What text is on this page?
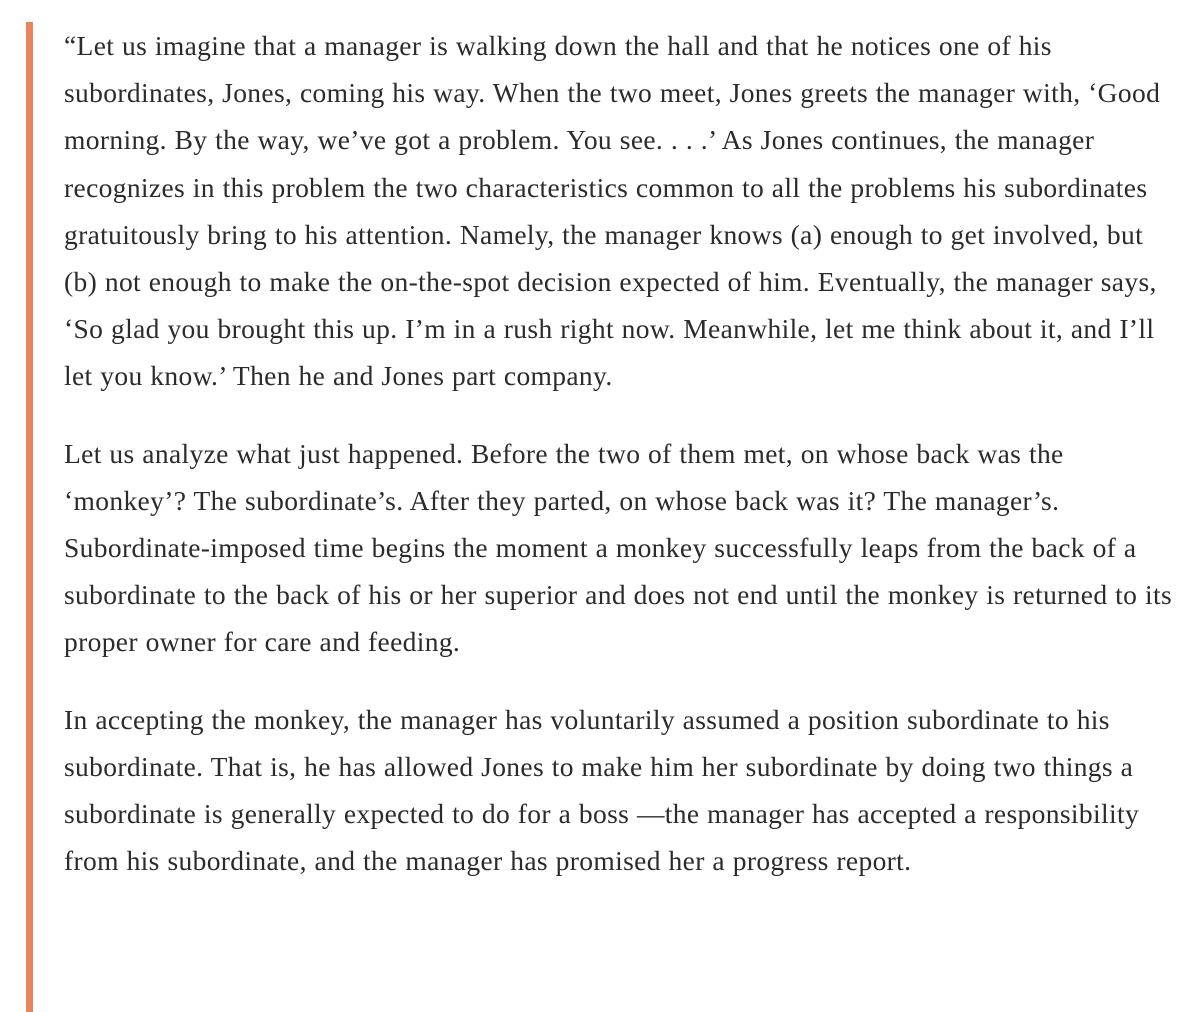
“Let us imagine that a manager is walking down the hall and that he notices one of his subordinates, Jones, coming his way. When the two meet, Jones greets the manager with, ‘Good morning. By the way, we’ve got a problem. You see. . . .’ As Jones continues, the manager recognizes in this problem the two characteristics common to all the problems his subordinates gratuitously bring to his attention. Namely, the manager knows (a) enough to get involved, but (b) not enough to make the on-the-spot decision expected of him. Eventually, the manager says, ‘So glad you brought this up. I’m in a rush right now. Meanwhile, let me think about it, and I’ll let you know.’ Then he and Jones part company.

Let us analyze what just happened. Before the two of them met, on whose back was the ‘monkey’? The subordinate’s. After they parted, on whose back was it? The manager’s. Subordinate-imposed time begins the moment a monkey successfully leaps from the back of a subordinate to the back of his or her superior and does not end until the monkey is returned to its proper owner for care and feeding.

In accepting the monkey, the manager has voluntarily assumed a position subordinate to his subordinate. That is, he has allowed Jones to make him her subordinate by doing two things a subordinate is generally expected to do for a boss —the manager has accepted a responsibility from his subordinate, and the manager has promised her a progress report.
